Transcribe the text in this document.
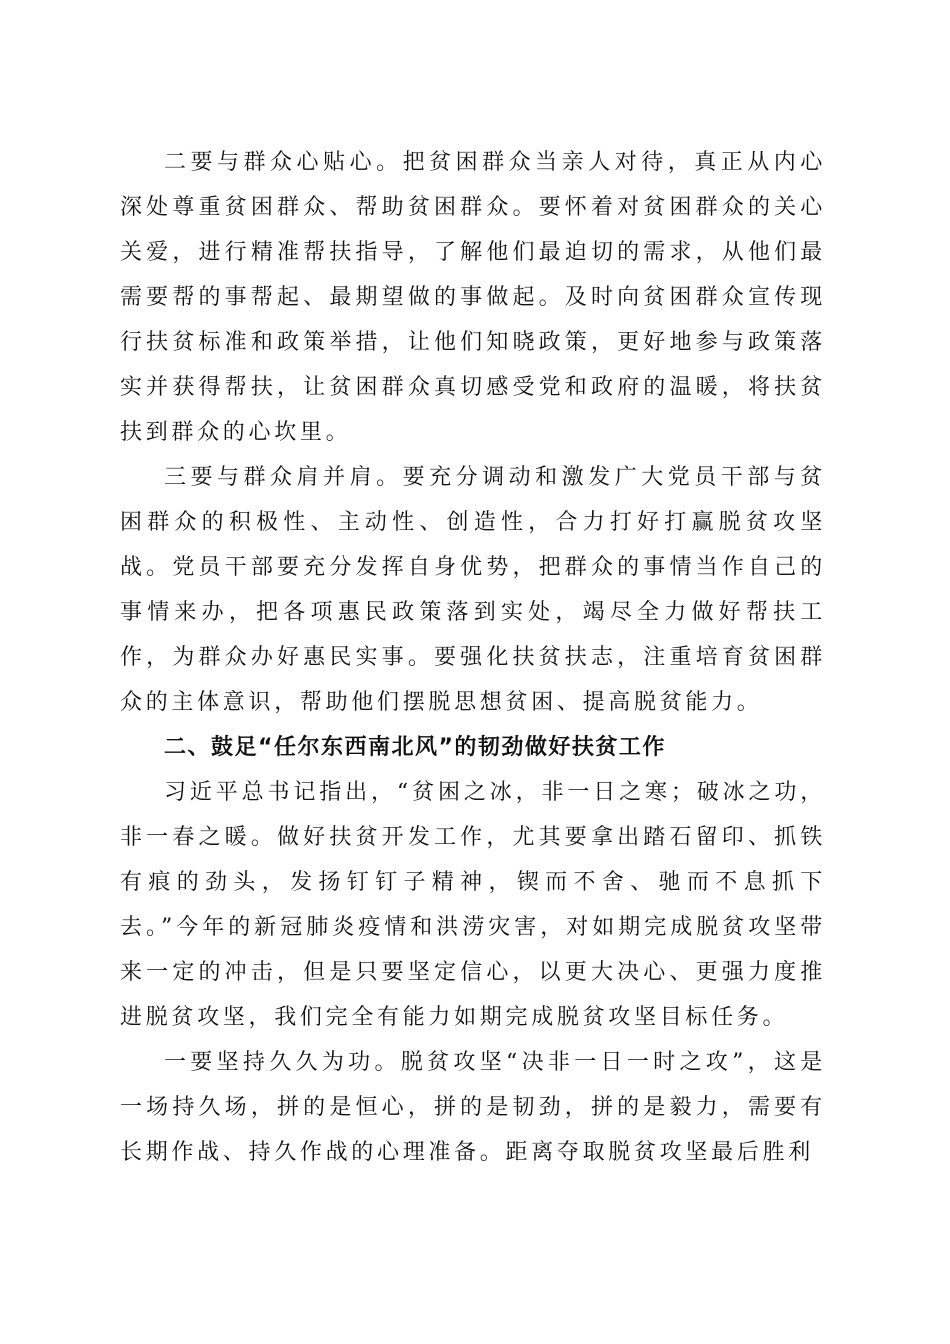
二要与群众心贴心。把贫困群众当亲人对待，真正从内心深处尊重贫困群众、帮助贫困群众。要怀着对贫困群众的关心关爱，进行精准帮扶指导，了解他们最迫切的需求，从他们最需要帮的事帮起、最期望做的事做起。及时向贫困群众宣传现行扶贫标准和政策举措，让他们知晓政策，更好地参与政策落实并获得帮扶，让贫困群众真切感受党和政府的温暖，将扶贫扶到群众的心坎里。

三要与群众肩并肩。要充分调动和激发广大党员干部与贫困群众的积极性、主动性、创造性，合力打好打赢脱贫攻坚战。党员干部要充分发挥自身优势，把群众的事情当作自己的事情来办，把各项惠民政策落到实处，竭尽全力做好帮扶工作，为群众办好惠民实事。要强化扶贫扶志，注重培育贫困群众的主体意识，帮助他们摆脱思想贫困、提高脱贫能力。

二、鼓足“任尔东西南北风”的韧劲做好扶贫工作

习近平总书记指出，“贫困之冰，非一日之寒；破冰之功，非一春之暖。做好扶贫开发工作，尤其要拿出踏石留印、抓铁有痕的劲头，发扬钉钉子精神，锲而不舍、驰而不息抓下去。”今年的新冠肺炎疫情和洪涝灾害，对如期完成脱贫攻坚带来一定的冲击，但是只要坚定信心，以更大决心、更强力度推进脱贫攻坚，我们完全有能力如期完成脱贫攻坚目标任务。

一要坚持久久为功。脱贫攻坚“决非一日一时之攻”，这是一场持久场，拼的是恒心，拼的是韧劲，拼的是毅力，需要有长期作战、持久作战的心理准备。距离夺取脱贫攻坚最后胜利
